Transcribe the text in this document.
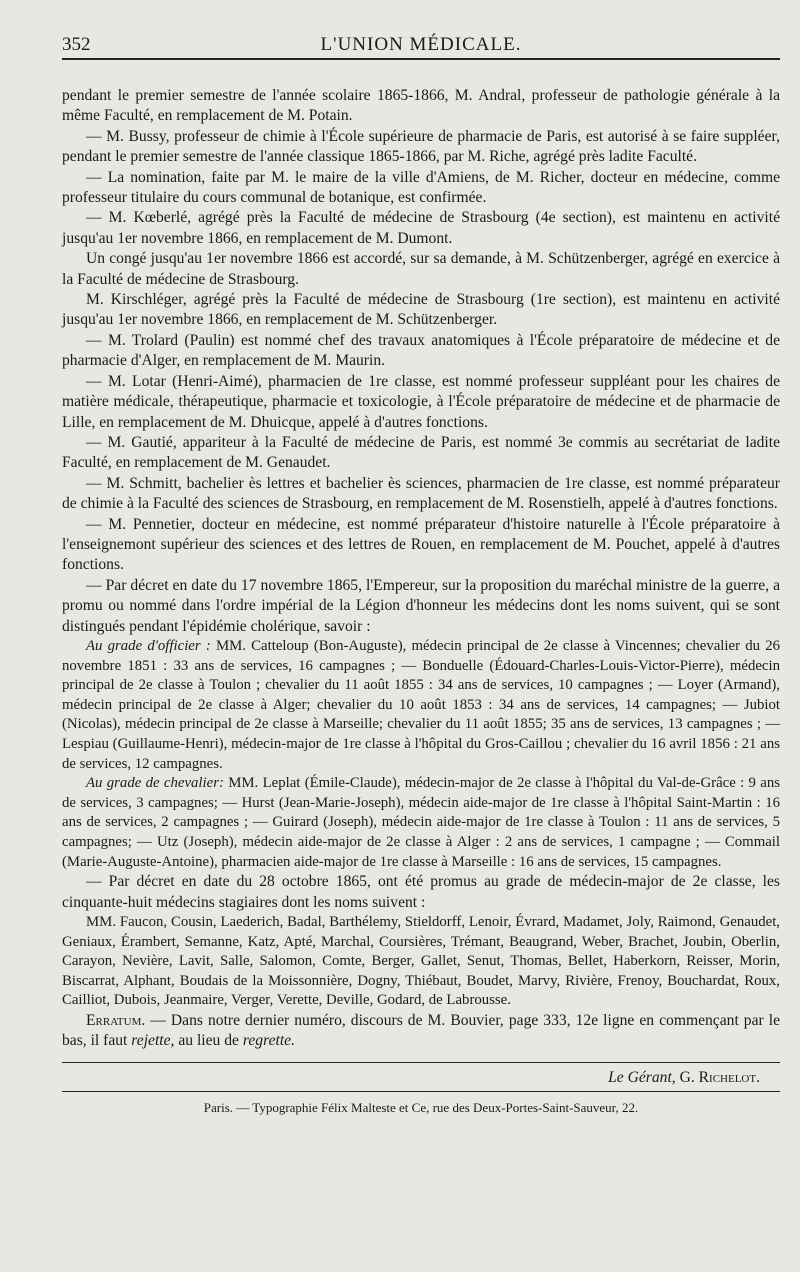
352	L'UNION MÉDICALE.

pendant le premier semestre de l'année scolaire 1865-1866, M. Andral, professeur de pathologie générale à la même Faculté, en remplacement de M. Potain.

— M. Bussy, professeur de chimie à l'École supérieure de pharmacie de Paris, est autorisé à se faire suppléer, pendant le premier semestre de l'année classique 1865-1866, par M. Riche, agrégé près ladite Faculté.

— La nomination, faite par M. le maire de la ville d'Amiens, de M. Richer, docteur en médecine, comme professeur titulaire du cours communal de botanique, est confirmée.

— M. Kœberlé, agrégé près la Faculté de médecine de Strasbourg (4e section), est maintenu en activité jusqu'au 1er novembre 1866, en remplacement de M. Dumont.

Un congé jusqu'au 1er novembre 1866 est accordé, sur sa demande, à M. Schützenberger, agrégé en exercice à la Faculté de médecine de Strasbourg.

M. Kirschléger, agrégé près la Faculté de médecine de Strasbourg (1re section), est maintenu en activité jusqu'au 1er novembre 1866, en remplacement de M. Schützenberger.

— M. Trolard (Paulin) est nommé chef des travaux anatomiques à l'École préparatoire de médecine et de pharmacie d'Alger, en remplacement de M. Maurin.

— M. Lotar (Henri-Aimé), pharmacien de 1re classe, est nommé professeur suppléant pour les chaires de matière médicale, thérapeutique, pharmacie et toxicologie, à l'École préparatoire de médecine et de pharmacie de Lille, en remplacement de M. Dhuicque, appelé à d'autres fonctions.

— M. Gautié, appariteur à la Faculté de médecine de Paris, est nommé 3e commis au secrétariat de ladite Faculté, en remplacement de M. Genaudet.

— M. Schmitt, bachelier ès lettres et bachelier ès sciences, pharmacien de 1re classe, est nommé préparateur de chimie à la Faculté des sciences de Strasbourg, en remplacement de M. Rosenstielh, appelé à d'autres fonctions.

— M. Pennetier, docteur en médecine, est nommé préparateur d'histoire naturelle à l'École préparatoire à l'enseignemont supérieur des sciences et des lettres de Rouen, en remplacement de M. Pouchet, appelé à d'autres fonctions.

— Par décret en date du 17 novembre 1865, l'Empereur, sur la proposition du maréchal ministre de la guerre, a promu ou nommé dans l'ordre impérial de la Légion d'honneur les médecins dont les noms suivent, qui se sont distingués pendant l'épidémie cholérique, savoir :

Au grade d'officier : MM. Catteloup (Bon-Auguste), médecin principal de 2e classe à Vincennes; chevalier du 26 novembre 1851 : 33 ans de services, 16 campagnes ; — Bonduelle (Édouard-Charles-Louis-Victor-Pierre), médecin principal de 2e classe à Toulon ; chevalier du 11 août 1855 : 34 ans de services, 10 campagnes ; — Loyer (Armand), médecin principal de 2e classe à Alger; chevalier du 10 août 1853 : 34 ans de services, 14 campagnes; — Jubiot (Nicolas), médecin principal de 2e classe à Marseille; chevalier du 11 août 1855; 35 ans de services, 13 campagnes ; — Lespiau (Guillaume-Henri), médecin-major de 1re classe à l'hôpital du Gros-Caillou ; chevalier du 16 avril 1856 : 21 ans de services, 12 campagnes.

Au grade de chevalier: MM. Leplat (Émile-Claude), médecin-major de 2e classe à l'hôpital du Val-de-Grâce : 9 ans de services, 3 campagnes; — Hurst (Jean-Marie-Joseph), médecin aide-major de 1re classe à l'hôpital Saint-Martin : 16 ans de services, 2 campagnes ; — Guirard (Joseph), médecin aide-major de 1re classe à Toulon : 11 ans de services, 5 campagnes; — Utz (Joseph), médecin aide-major de 2e classe à Alger : 2 ans de services, 1 campagne ; — Commail (Marie-Auguste-Antoine), pharmacien aide-major de 1re classe à Marseille : 16 ans de services, 15 campagnes.

— Par décret en date du 28 octobre 1865, ont été promus au grade de médecin-major de 2e classe, les cinquante-huit médecins stagiaires dont les noms suivent :

MM. Faucon, Cousin, Laederich, Badal, Barthélemy, Stieldorff, Lenoir, Évrard, Madamet, Joly, Raimond, Genaudet, Geniaux, Érambert, Semanne, Katz, Apté, Marchal, Coursières, Trémant, Beaugrand, Weber, Brachet, Joubin, Oberlin, Carayon, Nevière, Lavit, Salle, Salomon, Comte, Berger, Gallet, Senut, Thomas, Bellet, Haberkorn, Reisser, Morin, Biscarrat, Alphant, Boudais de la Moissonnière, Dogny, Thiébaut, Boudet, Marvy, Rivière, Frenoy, Bouchardat, Roux, Cailliot, Dubois, Jeanmaire, Verger, Verette, Deville, Godard, de Labrousse.

Erratum. — Dans notre dernier numéro, discours de M. Bouvier, page 333, 12e ligne en commençant par le bas, il faut rejette, au lieu de regrette.

Le Gérant, G. Richelot.
Paris. — Typographie Félix Malteste et Ce, rue des Deux-Portes-Saint-Sauveur, 22.
